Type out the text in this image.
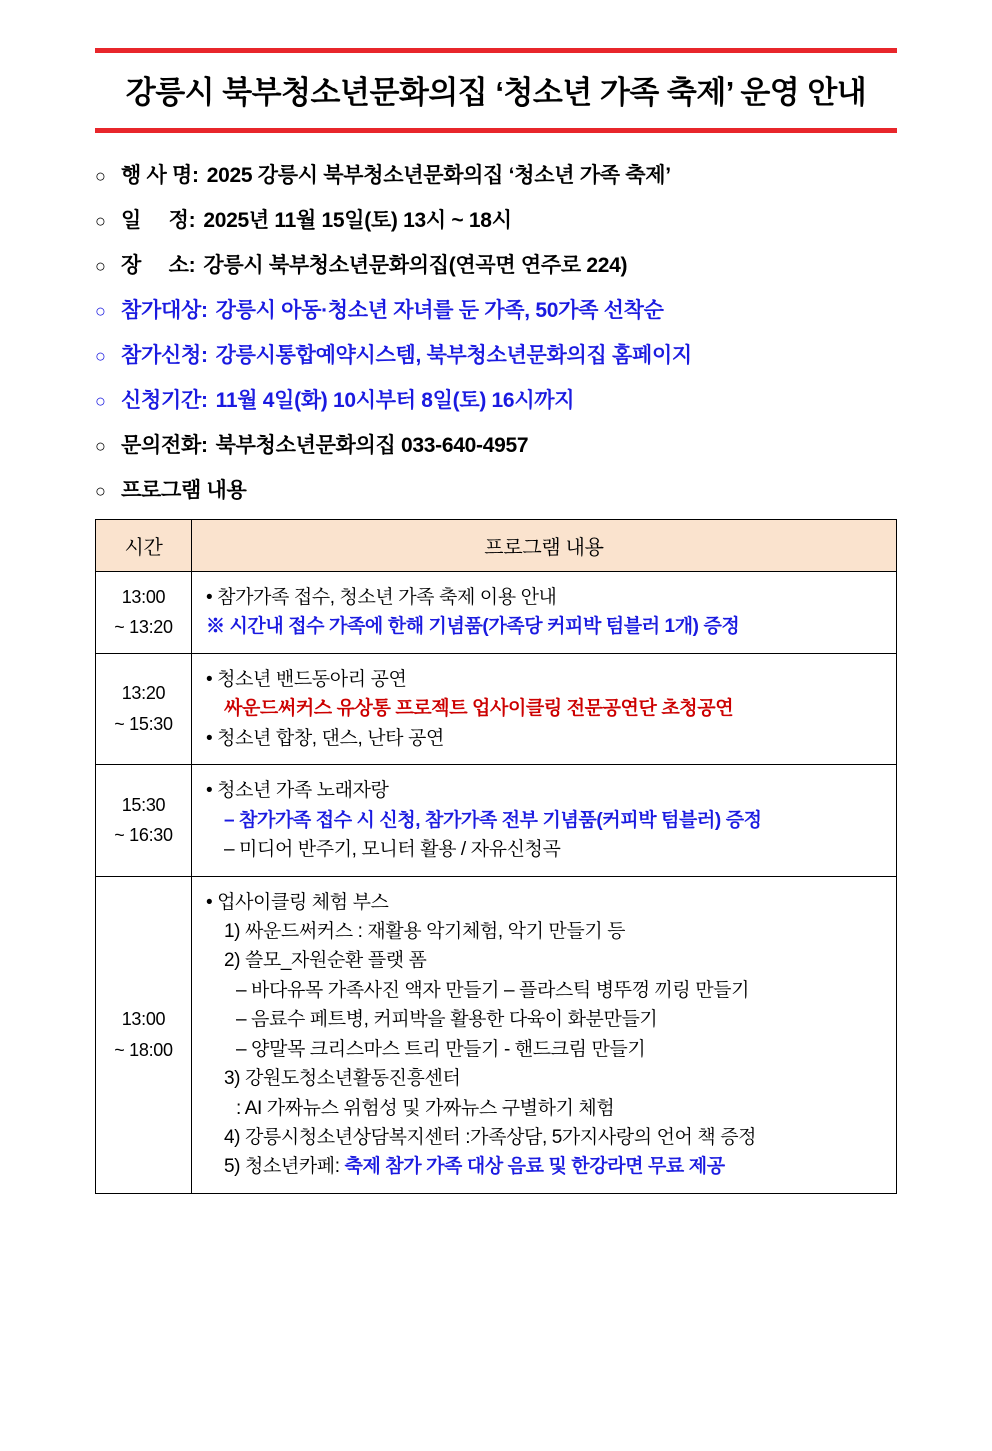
강릉시 북부청소년문화의집 ‘청소년 가족 축제’ 운영 안내
○ 행 사 명: 2025 강릉시 북부청소년문화의집 ‘청소년 가족 축제’
○ 일     정: 2025년 11월 15일(토) 13시 ~ 18시
○ 장     소: 강릉시 북부청소년문화의집(연곡면 연주로 224)
○ 참가대상: 강릉시 아동·청소년 자녀를 둔 가족, 50가족 선착순
○ 참가신청: 강릉시통합예약시스템, 북부청소년문화의집 홈페이지
○ 신청기간: 11월 4일(화) 10시부터 8일(토) 16시까지
○ 문의전화: 북부청소년문화의집 033-640-4957
○ 프로그램 내용
시간	프로그램 내용

13:00
~ 13:20

• 참가가족 접수, 청소년 가족 축제 이용 안내
※ 시간내 접수 가족에 한해 기념품(가족당 커피박 텀블러 1개) 증정

13:20
~ 15:30

• 청소년 밴드동아리 공연
싸운드써커스 유상통 프로젝트 업사이클링 전문공연단 초청공연
• 청소년 합창, 댄스, 난타 공연

15:30
~ 16:30

• 청소년 가족 노래자랑
– 참가가족 접수 시 신청, 참가가족 전부 기념품(커피박 텀블러) 증정
– 미디어 반주기, 모니터 활용 / 자유신청곡

13:00
~ 18:00

• 업사이클링 체험 부스
1) 싸운드써커스 : 재활용 악기체험, 악기 만들기 등
2) 쓸모_자원순환 플랫 폼
– 바다유목 가족사진 액자 만들기 – 플라스틱 병뚜껑 끼링 만들기
– 음료수 페트병, 커피박을 활용한 다육이 화분만들기
– 양말목 크리스마스 트리 만들기 - 핸드크림 만들기
3) 강원도청소년활동진흥센터
: AI 가짜뉴스 위험성 및 가짜뉴스 구별하기 체험
4) 강릉시청소년상담복지센터 :가족상담, 5가지사랑의 언어 책 증정
5) 청소년카페: 축제 참가 가족 대상 음료 및 한강라면 무료 제공
